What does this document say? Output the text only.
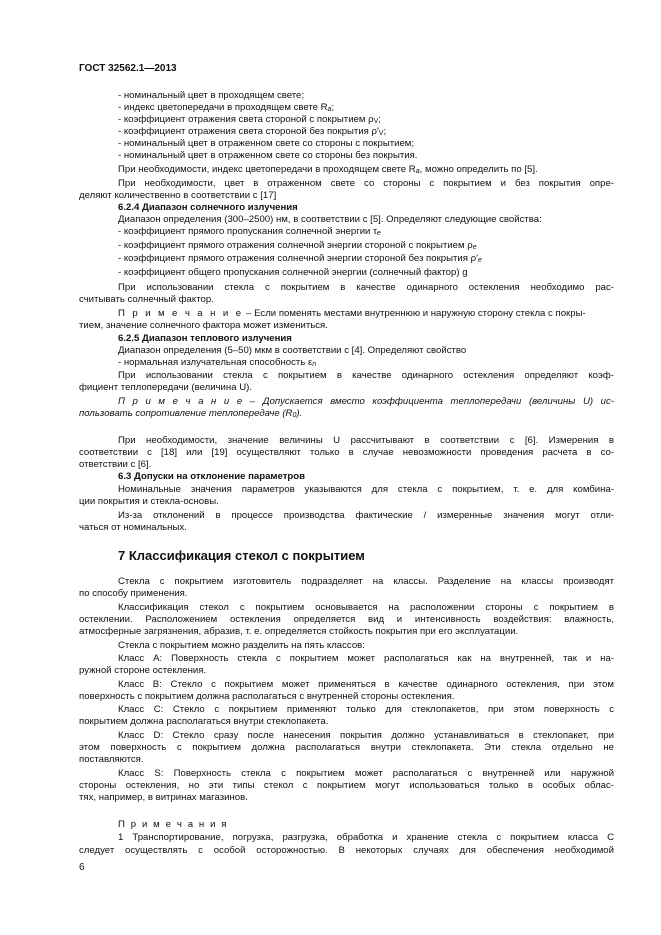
ГОСТ 32562.1—2013

- номинальный цвет в проходящем свете;

- индекс цветопередачи в проходящем свете Ra;

- коэффициент отражения света стороной с покрытием ρV;

- коэффициент отражения света стороной без покрытия ρ′V;

- номинальный цвет в отраженном свете со стороны с покрытием;

- номинальный цвет в отраженном свете со стороны без покрытия.

При необходимости, индекс цветопередачи в проходящем свете Ra, можно определить по [5].

При необходимости, цвет в отраженном свете со стороны с покрытием и без покрытия опре-

деляют количественно в соответствии с [17]

6.2.4 Диапазон солнечного излучения

Диапазон определения (300–2500) нм, в соответствии с [5]. Определяют следующие свойства:

- коэффициент прямого пропускания солнечной энергии τe

- коэффициент прямого отражения солнечной энергии стороной с покрытием ρe

- коэффициент прямого отражения солнечной энергии стороной без покрытия ρ′e

- коэффициент общего пропускания солнечной энергии (солнечный фактор) g

При использовании стекла с покрытием в качестве одинарного остекления необходимо рас-

считывать солнечный фактор.

П р и м е ч а н и е – Если поменять местами внутреннюю и наружную сторону стекла с покры-

тием, значение солнечного фактора может измениться.

6.2.5 Диапазон теплового излучения

Диапазон определения (5–50) мкм в соответствии с [4]. Определяют свойство

- нормальная излучательная способность εn

При использовании стекла с покрытием в качестве одинарного остекления определяют коэф-

фициент теплопередачи (величина U).

П р и м е ч а н и е – Допускается вместо коэффициента теплопередачи (величины U) ис-

пользовать сопротивление теплопередаче (R0).

При необходимости, значение величины U рассчитывают в соответствии с [6]. Измерения в

соответствии с [18] или [19] осуществляют только в случае невозможности проведения расчета в со-

ответствии с [6].

6.3 Допуски на отклонение параметров

Номинальные значения параметров указываются для стекла с покрытием, т. е. для комбина-

ции покрытия и стекла-основы.

Из-за отклонений в процессе производства фактические / измеренные значения могут отли-

чаться от номинальных.

7 Классификация стекол с покрытием

Стекла с покрытием изготовитель подразделяет на классы. Разделение на классы производят

по способу применения.

Классификация стекол с покрытием основывается на расположении стороны с покрытием в

остеклении. Расположением остекления определяется вид и интенсивность воздействия: влажность,

атмосферные загрязнения, абразив, т. е. определяется стойкость покрытия при его эксплуатации.

Стекла с покрытием можно разделить на пять классов:

Класс А: Поверхность стекла с покрытием может располагаться как на внутренней, так и на-

ружной стороне остекления.

Класс B: Стекло с покрытием может применяться в качестве одинарного остекления, при этом

поверхность с покрытием должна располагаться с внутренней стороны остекления.

Класс С: Стекло с покрытием применяют только для стеклопакетов, при этом поверхность с

покрытием должна располагаться внутри стеклопакета.

Класс D: Стекло сразу после нанесения покрытия должно устанавливаться в стеклопакет, при

этом поверхность с покрытием должна располагаться внутри стеклопакета. Эти стекла отдельно не

поставляются.

Класс S: Поверхность стекла с покрытием может располагаться с внутренней или наружной

стороны остекления, но эти типы стекол с покрытием могут использоваться только в особых облас-

тях, например, в витринах магазинов.

П р и м е ч а н и я

1 Транспортирование, погрузка, разгрузка, обработка и хранение стекла с покрытием класса С

следует осуществлять с особой осторожностью. В некоторых случаях для обеспечения необходимой

6
